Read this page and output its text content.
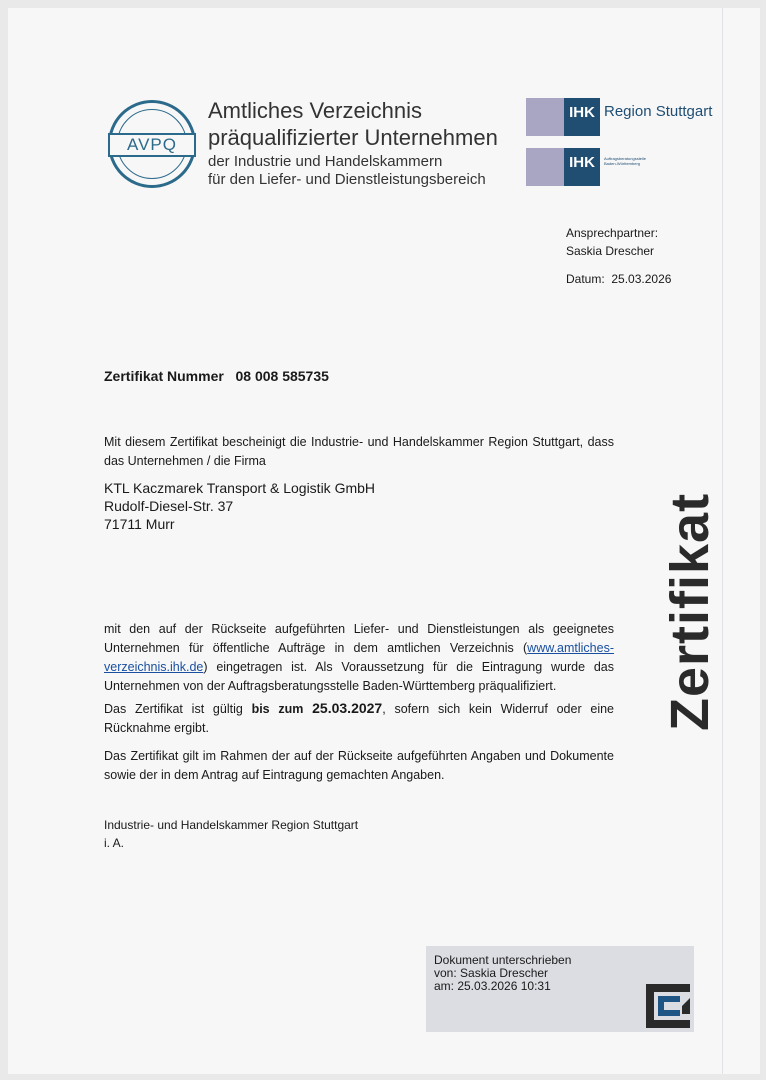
AVPQ
Amtliches Verzeichnis
präqualifizierter Unternehmen
der Industrie und Handelskammern
für den Liefer- und Dienstleistungsbereich
IHK Region Stuttgart
IHK	Auftragsberatungsstelle
Baden-Württemberg
Ansprechpartner:
Saskia Drescher
Datum: 25.03.2026
Zertifikat Nummer 08 008 585735
Mit diesem Zertifikat bescheinigt die Industrie- und Handelskammer Region Stuttgart, dass das Unternehmen / die Firma
KTL Kaczmarek Transport & Logistik GmbH
Rudolf-Diesel-Str. 37
71711 Murr
mit den auf der Rückseite aufgeführten Liefer- und Dienstleistungen als geeignetes Unternehmen für öffentliche Aufträge in dem amtlichen Verzeichnis (www.amtliches-verzeichnis.ihk.de) eingetragen ist. Als Voraussetzung für die Eintragung wurde das Unternehmen von der Auftragsberatungsstelle Baden-Württemberg präqualifiziert.
Das Zertifikat ist gültig bis zum 25.03.2027, sofern sich kein Widerruf oder eine Rücknahme ergibt.
Das Zertifikat gilt im Rahmen der auf der Rückseite aufgeführten Angaben und Dokumente sowie der in dem Antrag auf Eintragung gemachten Angaben.
Industrie- und Handelskammer Region Stuttgart
i. A.
Zertifikat
Dokument unterschrieben
von: Saskia Drescher
am: 25.03.2026 10:31
